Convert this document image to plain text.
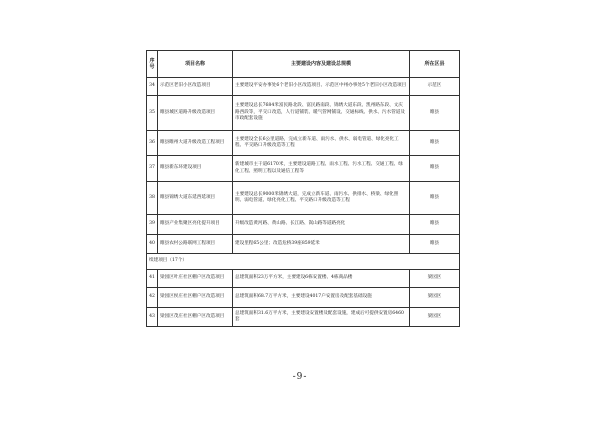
序号	项目名称	主要建设内容及建设总规模	所在区县
34	示范区老旧小区改造项目	主要建设平安办事处6个老旧小区改造项目、示范区中州办事处5个老旧小区改造项目	示范区
35	睢县城区道路升级改造项目	主要建设总长7684米富民路北段、富民路南段、锦绣大道东段、凯州路东段、文庆路西段等，平交口改造，人行道铺装、暖气管网铺设、交通标线、供水、污水管道及市政配套设施	睢县
36	睢县睢州大道升级改造工程项目	主要建设全长6公里道路，完成立新车道、雨污水、供水、弱电管道、绿化亮化工程、平交路口升级改造等工程	睢县
37	睢县新东环建设项目	新建城市主干道6170米，主要建设道路工程、雨水工程、污水工程、交通工程、绿化工程、照明工程以及通信工程等	睢县
38	睢县锦绣大道东延西延项目	主要建设总长9000米锦绣大道，完成立新车道、雨污水、供排水、桥梁、绿化照明、弱电管道、绿化亮化工程、平交路口升级改造等工程	睢县
39	睢县产业集聚区亮化提升项目	升级改造黄河路、黄山路、长江路、嵩山路等道路亮化	睢县
40	睢县农村公路联网工程项目	建设里程65公里；改造危桥39座859延米	睢县
续建项目（17个）			
41	梁园区叶庄社区棚户区改造项目	总建筑面积23万平方米，主要建设6栋安置楼、4栋商品楼	梁园区
42	梁园区侯庄社区棚户区改造项目	总建筑面积68.7万平方米，主要建设4017户安置房及配套基础设施	梁园区
43	梁园区茂庄社区棚户区改造项目	总建筑面积31.6万平方米，主要建设安置楼及配套设施，建成后可提供安置房6460套	梁园区
-9-
